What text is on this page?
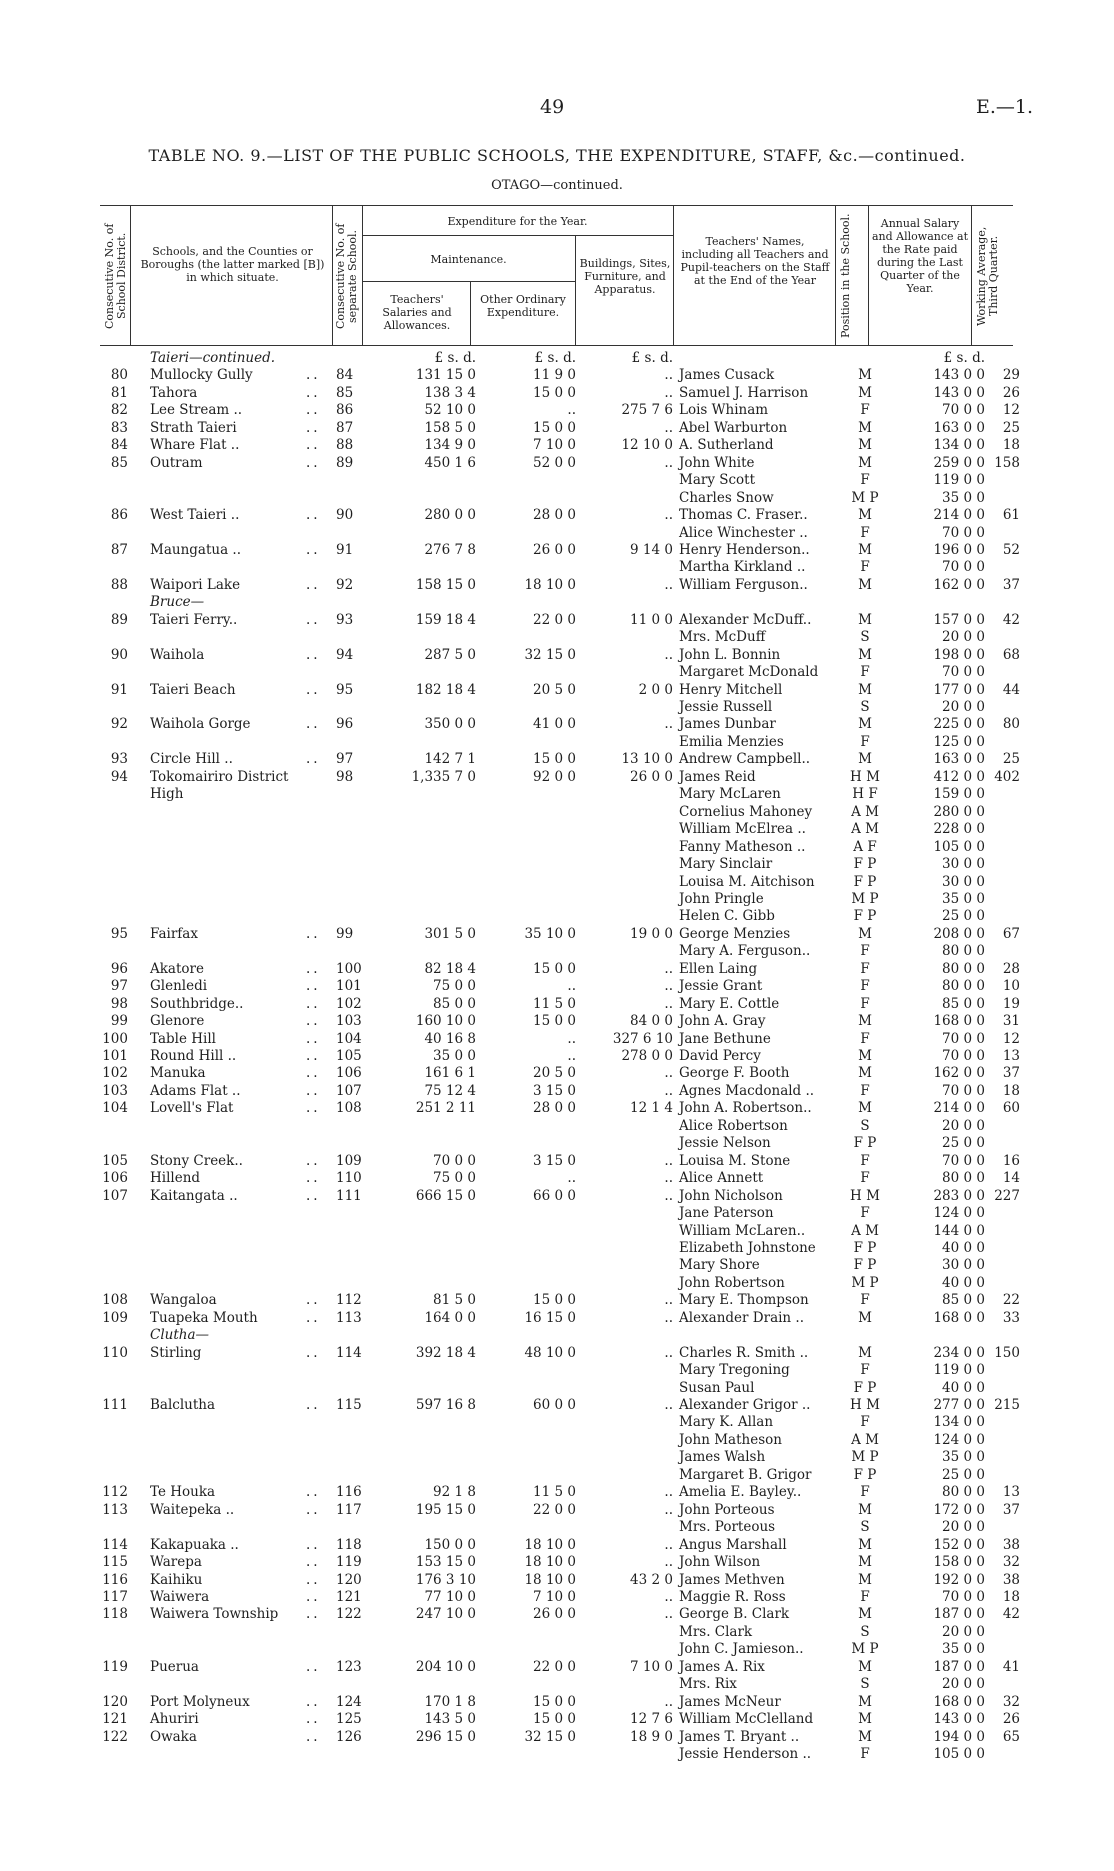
49	E.—1.
TABLE NO. 9.—LIST OF THE PUBLIC SCHOOLS, THE EXPENDITURE, STAFF, &c.—continued.
OTAGO—continued.
Consecutive No. of School District.	Schools, and the Counties or Boroughs (the latter marked [B]) in which situate.	Consecutive No. of separate School.
Expenditure for the Year.
Maintenance.
Teachers' Salaries and Allowances.
Other Ordinary Expenditure.
Buildings, Sites, Furniture, and Apparatus.
Teachers' Names, including all Teachers and Pupil-teachers on the Staff at the End of the Year	Position in the School.	Annual Salary and Allowance at the Rate paid during the Last Quarter of the Year.	Working Average, Third Quarter.
Taieri—continued.	£ s. d.	£ s. d.	£ s. d.	£ s. d.
80 Mullocky Gully	.. 84	131 15 0	11 9 0	.. James Cusack	M	143 0 0	29
81 Tahora	.. 85	138 3 4	15 0 0	.. Samuel J. Harrison	M	143 0 0	26
82 Lee Stream ..	.. 86	52 10 0	..	275 7 6 Lois Whinam	F	70 0 0	12
83 Strath Taieri	.. 87	158 5 0	15 0 0	.. Abel Warburton	M	163 0 0	25
84 Whare Flat ..	.. 88	134 9 0	7 10 0	12 10 0 A. Sutherland	M	134 0 0	18
85 Outram	.. 89	450 1 6	52 0 0	.. John White	M	259 0 0 158
Mary Scott	F	119 0 0
Charles Snow	M P	35 0 0
86 West Taieri ..	.. 90	280 0 0	28 0 0	.. Thomas C. Fraser..	M	214 0 0	61
Alice Winchester ..	F	70 0 0
87 Maungatua ..	.. 91	276 7 8	26 0 0	9 14 0 Henry Henderson..	M	196 0 0	52
Martha Kirkland ..	F	70 0 0
88 Waipori Lake	.. 92	158 15 0	18 10 0	.. William Ferguson..	M	162 0 0	37
Bruce—
89 Taieri Ferry..	.. 93	159 18 4	22 0 0	11 0 0 Alexander McDuff..	M	157 0 0	42
Mrs. McDuff	S	20 0 0
90 Waihola	.. 94	287 5 0	32 15 0	.. John L. Bonnin	M	198 0 0	68
Margaret McDonald	F	70 0 0
91 Taieri Beach	.. 95	182 18 4	20 5 0	2 0 0 Henry Mitchell	M	177 0 0	44
Jessie Russell	S	20 0 0
92 Waihola Gorge	.. 96	350 0 0	41 0 0	.. James Dunbar	M	225 0 0	80
Emilia Menzies	F	125 0 0
93 Circle Hill ..	.. 97	142 7 1	15 0 0	13 10 0 Andrew Campbell..	M	163 0 0	25
94 Tokomairiro District	98	1,335 7 0	92 0 0	26 0 0 James Reid	H M	412 0 0 402
High	Mary McLaren	H F	159 0 0
Cornelius Mahoney	A M	280 0 0
William McElrea ..	A M	228 0 0
Fanny Matheson ..	A F	105 0 0
Mary Sinclair	F P	30 0 0
Louisa M. Aitchison	F P	30 0 0
John Pringle	M P	35 0 0
Helen C. Gibb	F P	25 0 0
95 Fairfax	.. 99	301 5 0	35 10 0	19 0 0 George Menzies	M	208 0 0	67
Mary A. Ferguson..	F	80 0 0
96 Akatore	.. 100	82 18 4	15 0 0	.. Ellen Laing	F	80 0 0	28
97 Glenledi	.. 101	75 0 0	..	.. Jessie Grant	F	80 0 0	10
98 Southbridge..	.. 102	85 0 0	11 5 0	.. Mary E. Cottle	F	85 0 0	19
99 Glenore	.. 103	160 10 0	15 0 0	84 0 0 John A. Gray	M	168 0 0	31
100 Table Hill	.. 104	40 16 8	..	327 6 10 Jane Bethune	F	70 0 0	12
101 Round Hill ..	.. 105	35 0 0	..	278 0 0 David Percy	M	70 0 0	13
102 Manuka	.. 106	161 6 1	20 5 0	.. George F. Booth	M	162 0 0	37
103 Adams Flat ..	.. 107	75 12 4	3 15 0	.. Agnes Macdonald ..	F	70 0 0	18
104 Lovell's Flat	.. 108	251 2 11	28 0 0	12 1 4 John A. Robertson..	M	214 0 0	60
Alice Robertson	S	20 0 0
Jessie Nelson	F P	25 0 0
105 Stony Creek..	.. 109	70 0 0	3 15 0	.. Louisa M. Stone	F	70 0 0	16
106 Hillend	.. 110	75 0 0	..	.. Alice Annett	F	80 0 0	14
107 Kaitangata ..	.. 111	666 15 0	66 0 0	.. John Nicholson	H M	283 0 0 227
Jane Paterson	F	124 0 0
William McLaren..	A M	144 0 0
Elizabeth Johnstone	F P	40 0 0
Mary Shore	F P	30 0 0
John Robertson	M P	40 0 0
108 Wangaloa	.. 112	81 5 0	15 0 0	.. Mary E. Thompson	F	85 0 0	22
109 Tuapeka Mouth	.. 113	164 0 0	16 15 0	.. Alexander Drain ..	M	168 0 0	33
Clutha—
110 Stirling	.. 114	392 18 4	48 10 0	.. Charles R. Smith ..	M	234 0 0 150
Mary Tregoning	F	119 0 0
Susan Paul	F P	40 0 0
111 Balclutha	.. 115	597 16 8	60 0 0	.. Alexander Grigor ..	H M	277 0 0 215
Mary K. Allan	F	134 0 0
John Matheson	A M	124 0 0
James Walsh	M P	35 0 0
Margaret B. Grigor	F P	25 0 0
112 Te Houka	.. 116	92 1 8	11 5 0	.. Amelia E. Bayley..	F	80 0 0	13
113 Waitepeka ..	.. 117	195 15 0	22 0 0	.. John Porteous	M	172 0 0	37
Mrs. Porteous	S	20 0 0
114 Kakapuaka ..	.. 118	150 0 0	18 10 0	.. Angus Marshall	M	152 0 0	38
115 Warepa	.. 119	153 15 0	18 10 0	.. John Wilson	M	158 0 0	32
116 Kaihiku	.. 120	176 3 10	18 10 0	43 2 0 James Methven	M	192 0 0	38
117 Waiwera	.. 121	77 10 0	7 10 0	.. Maggie R. Ross	F	70 0 0	18
118 Waiwera Township .. 122	247 10 0	26 0 0	.. George B. Clark	M	187 0 0	42
Mrs. Clark	S	20 0 0
John C. Jamieson..	M P	35 0 0
119 Puerua	.. 123	204 10 0	22 0 0	7 10 0 James A. Rix	M	187 0 0	41
Mrs. Rix	S	20 0 0
120 Port Molyneux	.. 124	170 1 8	15 0 0	.. James McNeur	M	168 0 0	32
121 Ahuriri	.. 125	143 5 0	15 0 0	12 7 6 William McClelland	M	143 0 0	26
122 Owaka	.. 126	296 15 0	32 15 0	18 9 0 James T. Bryant ..	M	194 0 0	65
Jessie Henderson ..	F	105 0 0
